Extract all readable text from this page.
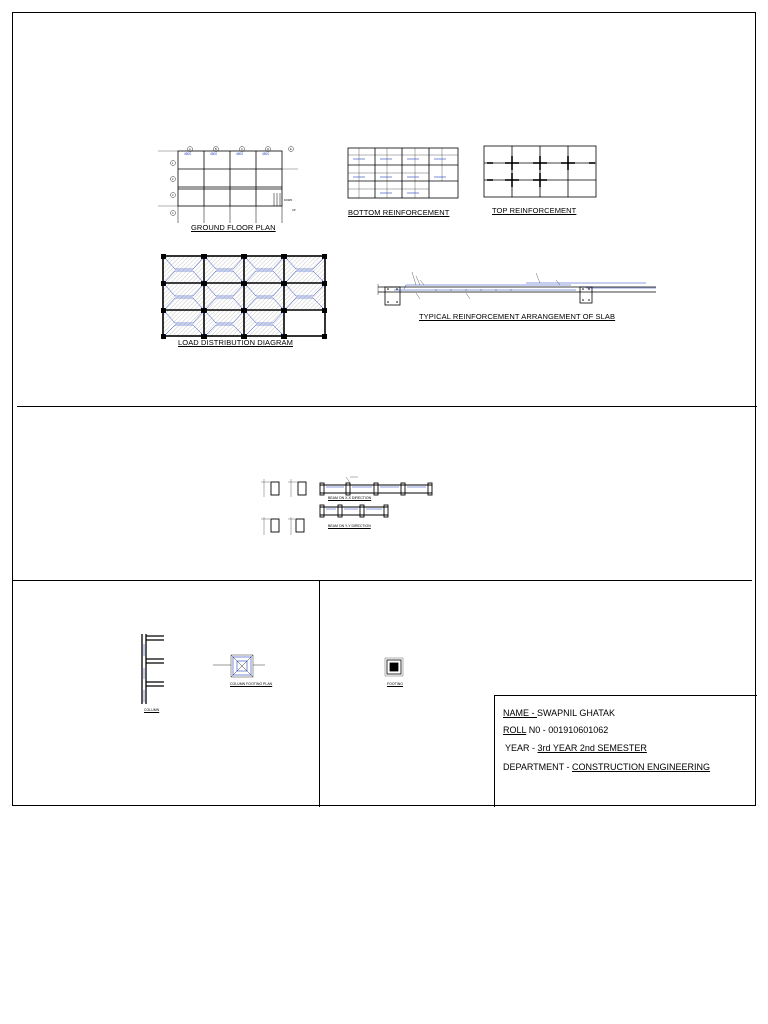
4500	4500	4500	4500
A	B	C	D	E
1
2
3
4
DOWN
UP
GROUND FLOOR PLAN
BOTTOM REINFORCEMENT	TOP REINFORCEMENT
LOAD DISTRIBUTION DIAGRAM
TYPICAL REINFORCEMENT ARRANGEMENT OF SLAB
BEAM ON X-X DIRECTION
BEAM ON Y-Y DIRECTION
COLUMN
COLUMN FOOTING PLAN	FOOTING
NAME - SWAPNIL GHATAK
ROLL N0 - 001910601062
YEAR - 3rd YEAR 2nd SEMESTER
DEPARTMENT - CONSTRUCTION ENGINEERING
